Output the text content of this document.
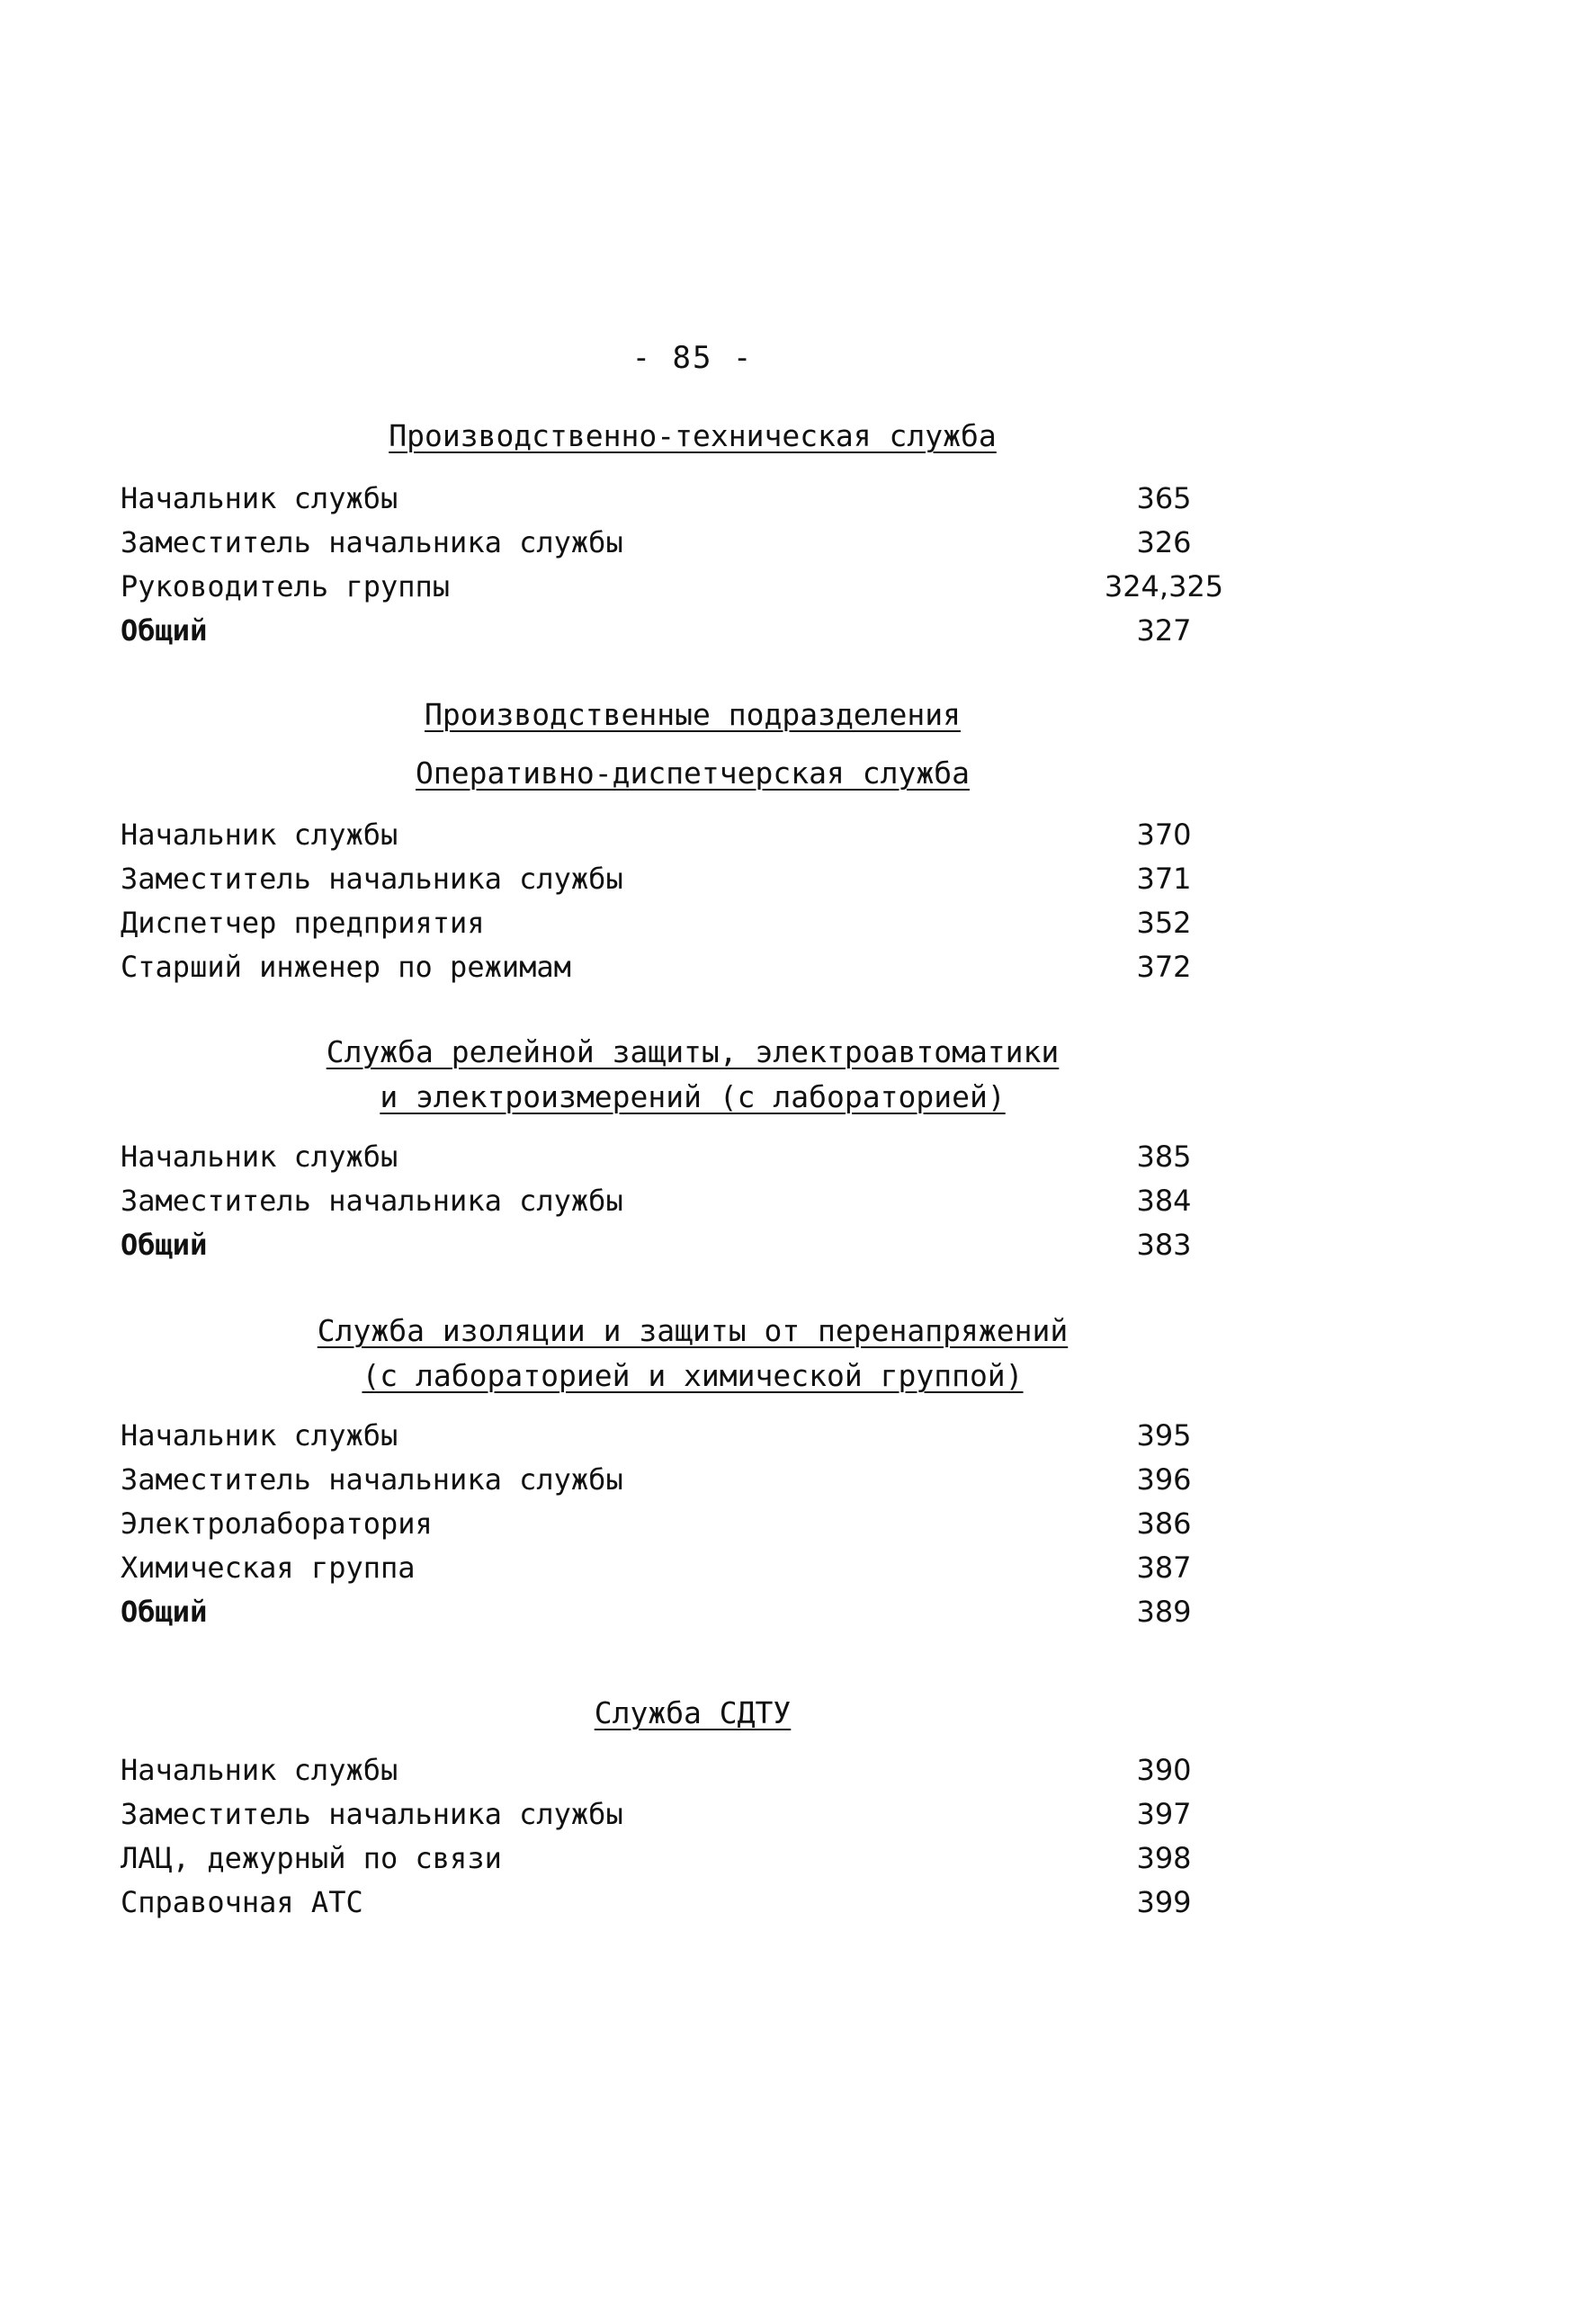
- 85 -
Производственно-техническая служба
Начальник службы	365
Заместитель начальника службы	326
Руководитель группы	324,325
Общий	327
Производственные подразделения
Оперативно-диспетчерская служба
Начальник службы	370
Заместитель начальника службы	371
Диспетчер предприятия	352
Старший инженер по режимам	372
Служба релейной защиты, электроавтоматики
и электроизмерений (с лабораторией)
Начальник службы	385
Заместитель начальника службы	384
Общий	383
Служба изоляции и защиты от перенапряжений
(с лабораторией и химической группой)
Начальник службы	395
Заместитель начальника службы	396
Электролаборатория	386
Химическая группа	387
Общий	389
Служба СДТУ
Начальник службы	390
Заместитель начальника службы	397
ЛАЦ, дежурный по связи	398
Справочная АТС	399
